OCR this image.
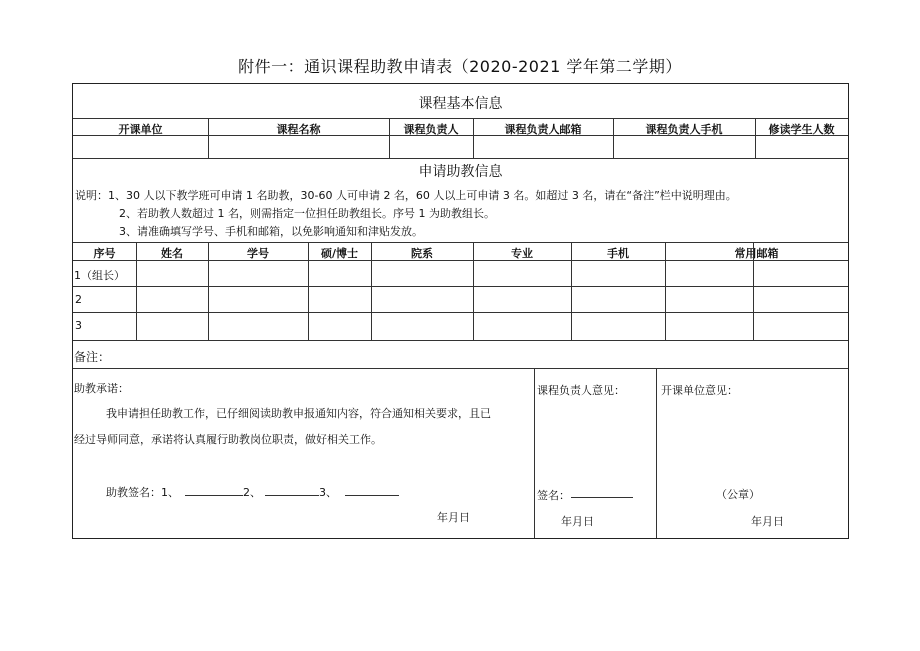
附件一：通识课程助教申请表（2020-2021 学年第二学期）
课程基本信息
开课单位	课程名称	课程负责人	课程负责人邮箱	课程负责人手机	修读学生人数
申请助教信息
说明：1、30 人以下教学班可申请 1 名助教，30-60 人可申请 2 名，60 人以上可申请 3 名。如超过 3 名，请在“备注”栏中说明理由。
2、若助教人数超过 1 名，则需指定一位担任助教组长。序号 1 为助教组长。
3、请准确填写学号、手机和邮箱，以免影响通知和津贴发放。
序号	姓名	学号	硕/博士	院系	专业	手机	常用邮箱
1（组长）
2
3
备注：
助教承诺：
我申请担任助教工作，已仔细阅读助教申报通知内容，符合通知相关要求，且已
经过导师同意，承诺将认真履行助教岗位职责，做好相关工作。
助教签名：1、	2、	3、
年月日
课程负责人意见：
签名：
年月日
开课单位意见：
（公章）
年月日
